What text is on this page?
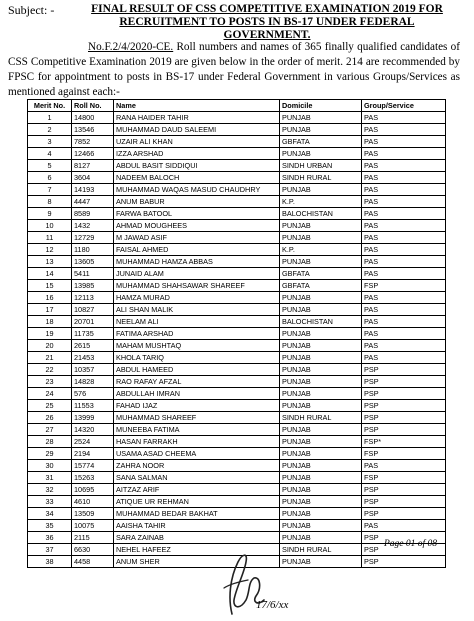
Subject: -	FINAL RESULT OF CSS COMPETITIVE EXAMINATION 2019 FOR RECRUITMENT TO POSTS IN BS-17 UNDER FEDERAL GOVERNMENT.
No.F.2/4/2020-CE. Roll numbers and names of 365 finally qualified candidates of CSS Competitive Examination 2019 are given below in the order of merit. 214 are recommended by FPSC for appointment to posts in BS-17 under Federal Government in various Groups/Services as mentioned against each:-
Merit No.	Roll No.	Name	Domicile	Group/Service
1	14800	RANA HAIDER TAHIR	PUNJAB	PAS
2	13546	MUHAMMAD DAUD SALEEMI	PUNJAB	PAS
3	7852	UZAIR ALI KHAN	GBFATA	PAS
4	12466	IZZA ARSHAD	PUNJAB	PAS
5	8127	ABDUL BASIT SIDDIQUI	SINDH URBAN	PAS
6	3604	NADEEM BALOCH	SINDH RURAL	PAS
7	14193	MUHAMMAD WAQAS MASUD CHAUDHRY	PUNJAB	PAS
8	4447	ANUM BABUR	K.P.	PAS
9	8589	FARWA BATOOL	BALOCHISTAN	PAS
10	1432	AHMAD MOUGHEES	PUNJAB	PAS
11	12729	M JAWAD ASIF	PUNJAB	PAS
12	1180	FAISAL AHMED	K.P.	PAS
13	13605	MUHAMMAD HAMZA ABBAS	PUNJAB	PAS
14	5411	JUNAID ALAM	GBFATA	PAS
15	13985	MUHAMMAD SHAHSAWAR SHAREEF	GBFATA	FSP
16	12113	HAMZA MURAD	PUNJAB	PAS
17	10827	ALI SHAN MALIK	PUNJAB	PAS
18	20701	NEELAM ALI	BALOCHISTAN	PAS
19	11735	FATIMA ARSHAD	PUNJAB	PAS
20	2615	MAHAM MUSHTAQ	PUNJAB	PAS
21	21453	KHOLA TARIQ	PUNJAB	PAS
22	10357	ABDUL HAMEED	PUNJAB	PSP
23	14828	RAO RAFAY AFZAL	PUNJAB	PSP
24	576	ABDULLAH IMRAN	PUNJAB	PSP
25	11553	FAHAD IJAZ	PUNJAB	PSP
26	13999	MUHAMMAD SHAREEF	SINDH RURAL	PSP
27	14320	MUNEEBA FATIMA	PUNJAB	PSP
28	2524	HASAN FARRAKH	PUNJAB	FSP*
29	2194	USAMA ASAD CHEEMA	PUNJAB	FSP
30	15774	ZAHRA NOOR	PUNJAB	PAS
31	15263	SANA SALMAN	PUNJAB	FSP
32	10695	AITZAZ ARIF	PUNJAB	PSP
33	4610	ATIQUE UR REHMAN	PUNJAB	PSP
34	13509	MUHAMMAD BEDAR BAKHAT	PUNJAB	PSP
35	10075	AAISHA TAHIR	PUNJAB	PAS
36	2115	SARA ZAINAB	PUNJAB	PSP
37	6630	NEHEL HAFEEZ	SINDH RURAL	PSP
38	4458	ANUM SHER	PUNJAB	PSP
Page 01 of 08
17/6/xx
